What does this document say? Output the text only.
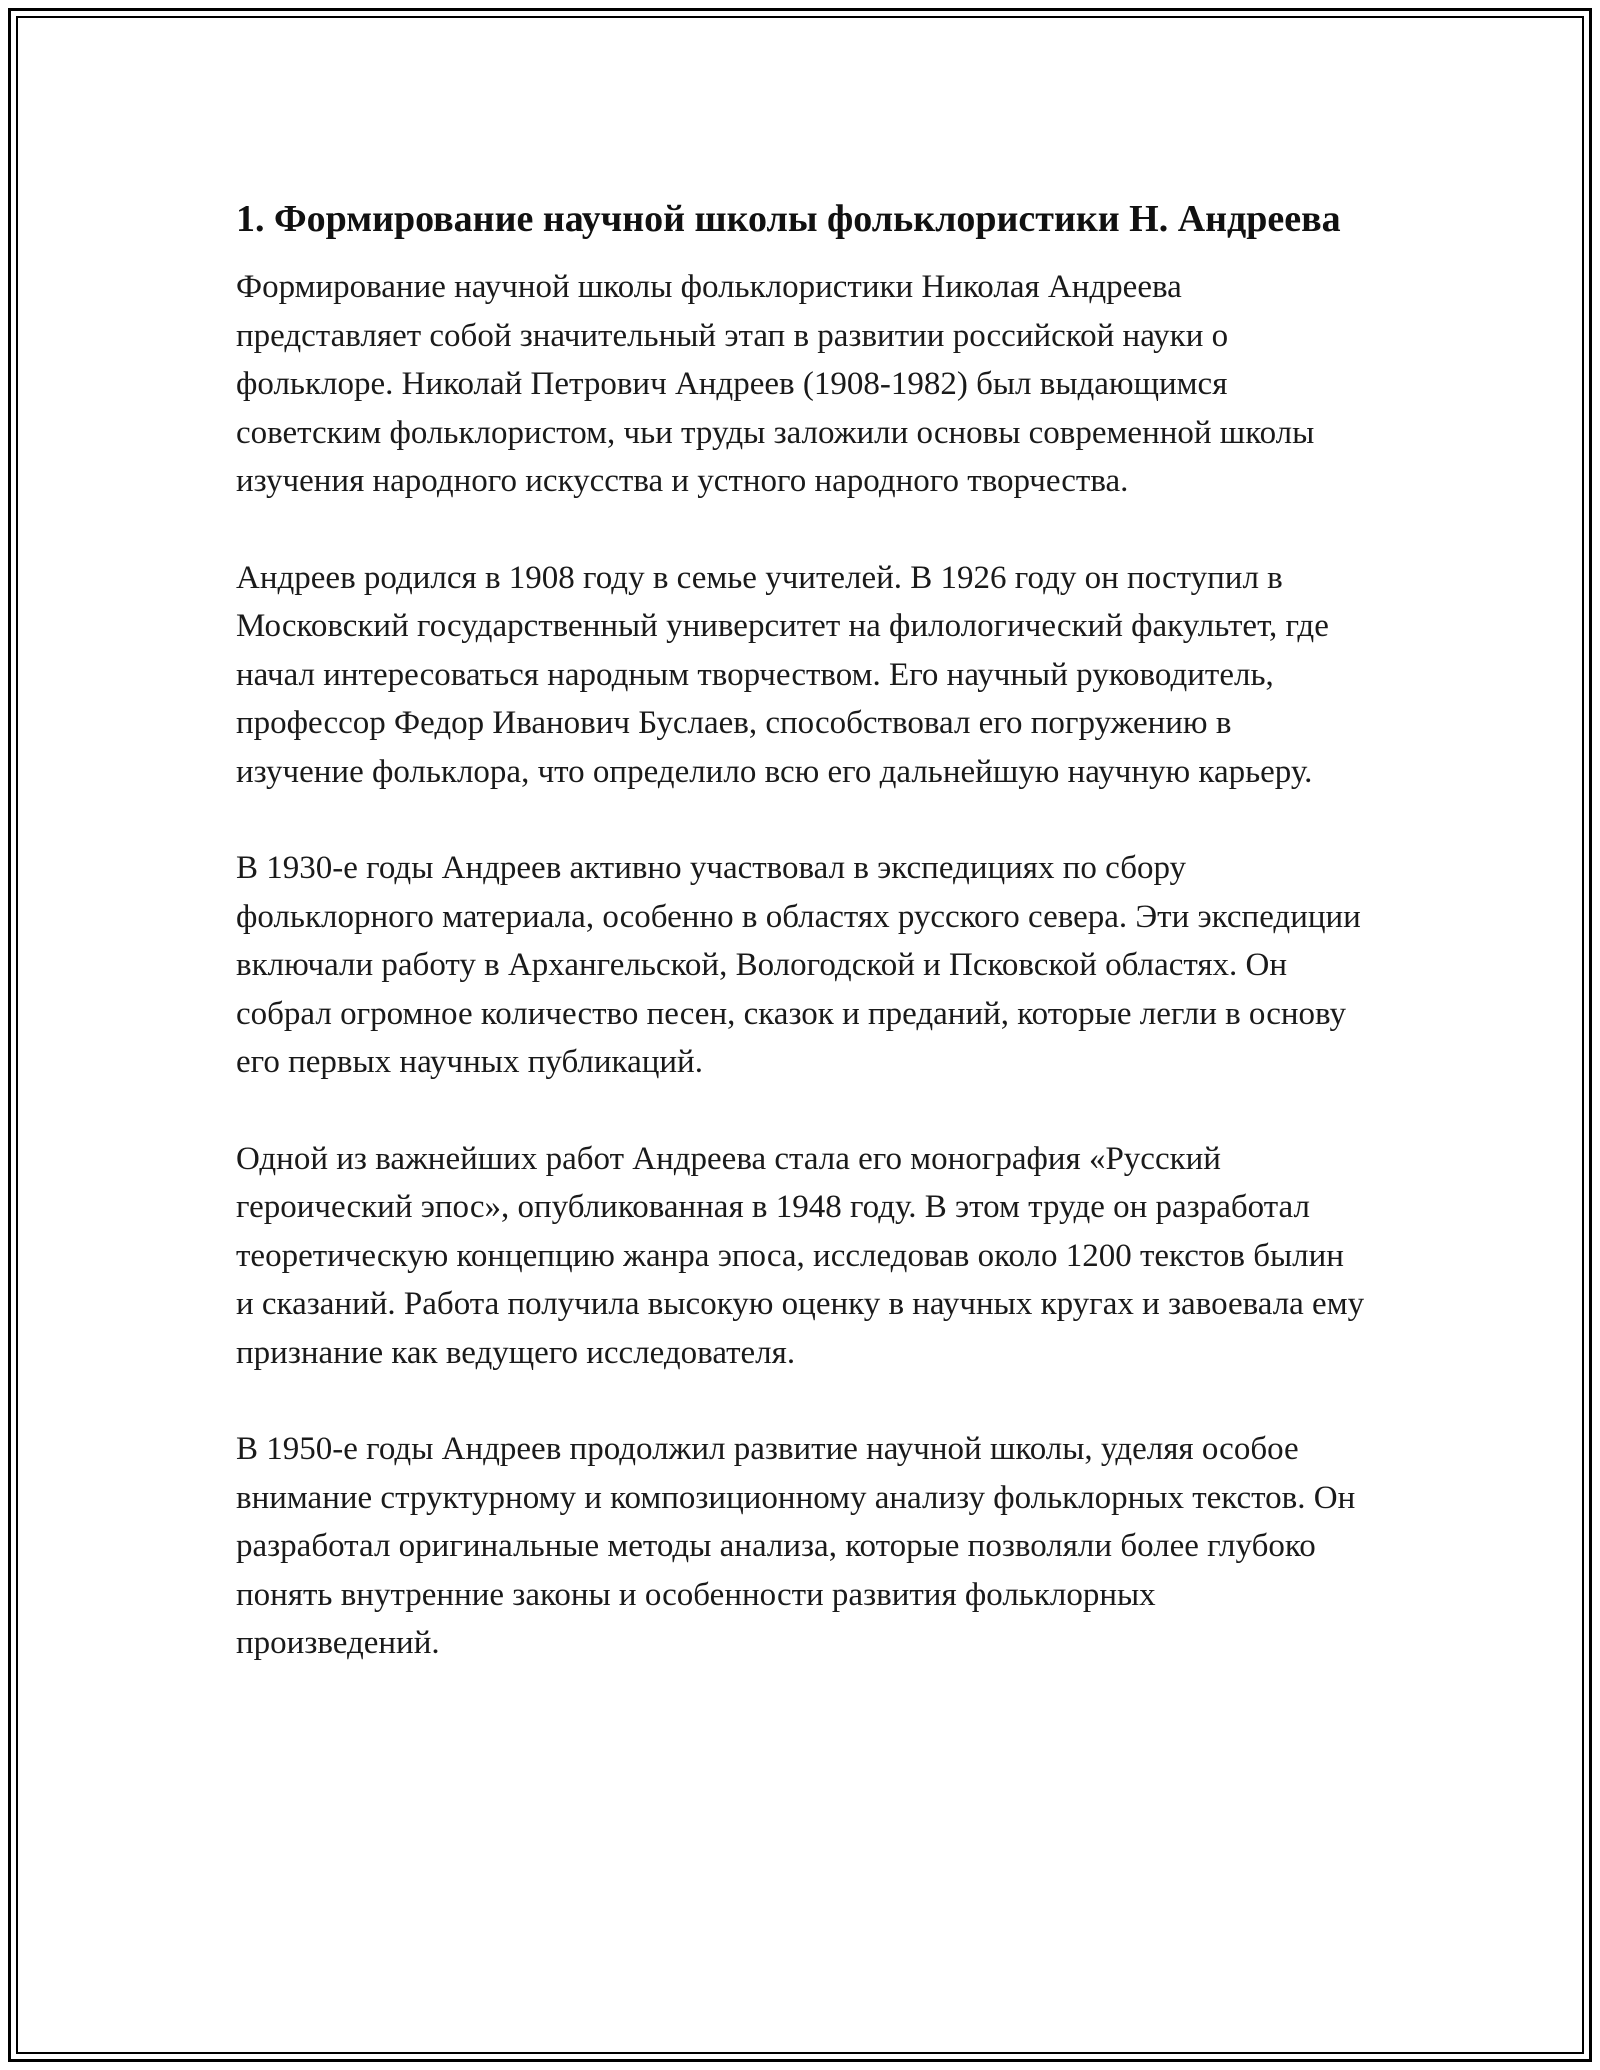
1. Формирование научной школы фольклористики Н. Андреева

Формирование научной школы фольклористики Николая Андреева представляет собой значительный этап в развитии российской науки о фольклоре. Николай Петрович Андреев (1908-1982) был выдающимся советским фольклористом, чьи труды заложили основы современной школы изучения народного искусства и устного народного творчества.

Андреев родился в 1908 году в семье учителей. В 1926 году он поступил в Московский государственный университет на филологический факультет, где начал интересоваться народным творчеством. Его научный руководитель, профессор Федор Иванович Буслаев, способствовал его погружению в изучение фольклора, что определило всю его дальнейшую научную карьеру.

В 1930-е годы Андреев активно участвовал в экспедициях по сбору фольклорного материала, особенно в областях русского севера. Эти экспедиции включали работу в Архангельской, Вологодской и Псковской областях. Он собрал огромное количество песен, сказок и преданий, которые легли в основу его первых научных публикаций.

Одной из важнейших работ Андреева стала его монография «Русский героический эпос», опубликованная в 1948 году. В этом труде он разработал теоретическую концепцию жанра эпоса, исследовав около 1200 текстов былин и сказаний. Работа получила высокую оценку в научных кругах и завоевала ему признание как ведущего исследователя.

В 1950-е годы Андреев продолжил развитие научной школы, уделяя особое внимание структурному и композиционному анализу фольклорных текстов. Он разработал оригинальные методы анализа, которые позволяли более глубоко понять внутренние законы и особенности развития фольклорных произведений.
